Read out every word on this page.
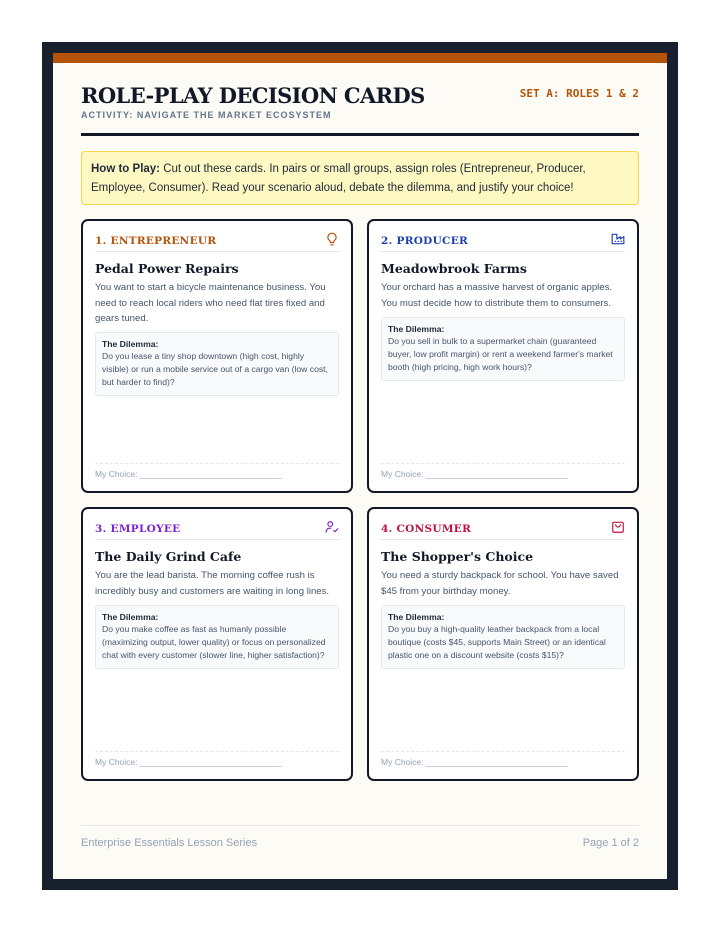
ROLE-PLAY DECISION CARDS
ACTIVITY: NAVIGATE THE MARKET ECOSYSTEM
SET A: ROLES 1 & 2
How to Play: Cut out these cards. In pairs or small groups, assign roles (Entrepreneur, Producer, Employee, Consumer). Read your scenario aloud, debate the dilemma, and justify your choice!
1. ENTREPRENEUR
Pedal Power Repairs
You want to start a bicycle maintenance business. You need to reach local riders who need flat tires fixed and gears tuned.
The Dilemma:
Do you lease a tiny shop downtown (high cost, highly visible) or run a mobile service out of a cargo van (low cost, but harder to find)?
My Choice: ______________________________
2. PRODUCER
Meadowbrook Farms
Your orchard has a massive harvest of organic apples. You must decide how to distribute them to consumers.
The Dilemma:
Do you sell in bulk to a supermarket chain (guaranteed buyer, low profit margin) or rent a weekend farmer's market booth (high pricing, high work hours)?
My Choice: ______________________________
3. EMPLOYEE
The Daily Grind Cafe
You are the lead barista. The morning coffee rush is incredibly busy and customers are waiting in long lines.
The Dilemma:
Do you make coffee as fast as humanly possible (maximizing output, lower quality) or focus on personalized chat with every customer (slower line, higher satisfaction)?
My Choice: ______________________________
4. CONSUMER
The Shopper's Choice
You need a sturdy backpack for school. You have saved $45 from your birthday money.
The Dilemma:
Do you buy a high-quality leather backpack from a local boutique (costs $45, supports Main Street) or an identical plastic one on a discount website (costs $15)?
My Choice: ______________________________
Enterprise Essentials Lesson Series	Page 1 of 2
